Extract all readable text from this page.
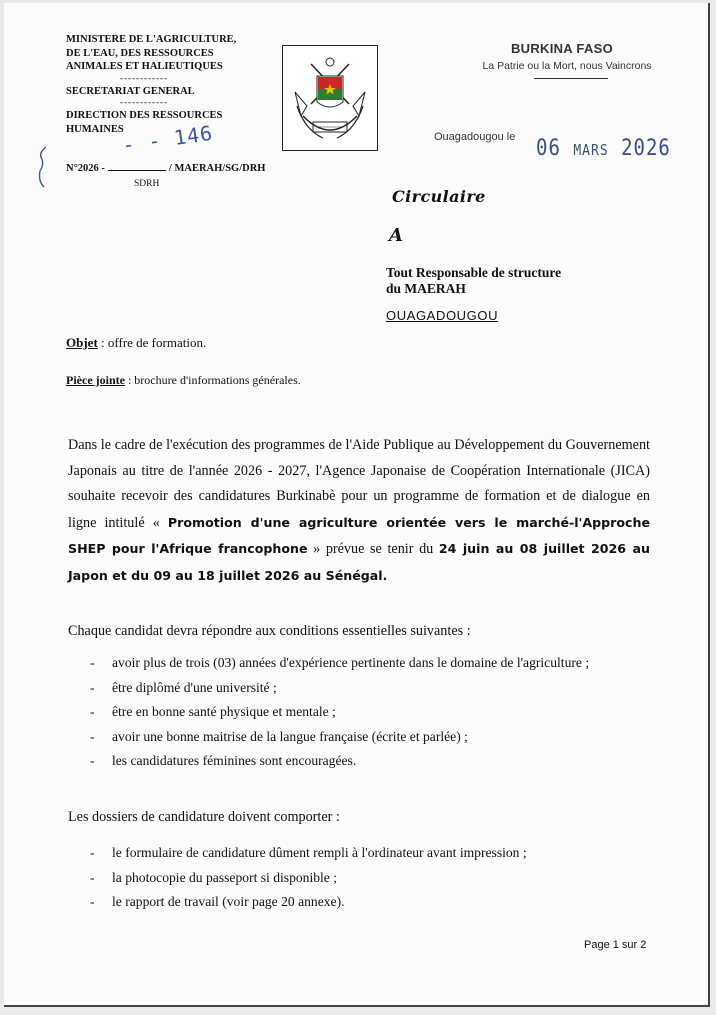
MINISTERE DE L'AGRICULTURE,
DE L'EAU, DES RESSOURCES
ANIMALES ET HALIEUTIQUES
------------
SECRETARIAT GENERAL
------------
DIRECTION DES RESSOURCES
HUMAINES
BURKINA FASO
La Patrie ou la Mort, nous Vaincrons
Ouagadougou le 06 MARS 2026
- - 146
N°2026 -	/ MAERAH/SG/DRH
SDRH
Circulaire
A
Tout Responsable de structure
du MAERAH
OUAGADOUGOU
Objet : offre de formation.
Pièce jointe : brochure d'informations générales.
Dans le cadre de l'exécution des programmes de l'Aide Publique au Développement du Gouvernement Japonais au titre de l'année 2026 - 2027, l'Agence Japonaise de Coopération Internationale (JICA) souhaite recevoir des candidatures Burkinabè pour un programme de formation et de dialogue en ligne intitulé « Promotion d'une agriculture orientée vers le marché-l'Approche SHEP pour l'Afrique francophone » prévue se tenir du 24 juin au 08 juillet 2026 au Japon et du 09 au 18 juillet 2026 au Sénégal.
Chaque candidat devra répondre aux conditions essentielles suivantes :
- avoir plus de trois (03) années d'expérience pertinente dans le domaine de l'agriculture ;
- être diplômé d'une université ;
- être en bonne santé physique et mentale ;
- avoir une bonne maitrise de la langue française (écrite et parlée) ;
- les candidatures féminines sont encouragées.
Les dossiers de candidature doivent comporter :
- le formulaire de candidature dûment rempli à l'ordinateur avant impression ;
- la photocopie du passeport si disponible ;
- le rapport de travail (voir page 20 annexe).
Page 1 sur 2
